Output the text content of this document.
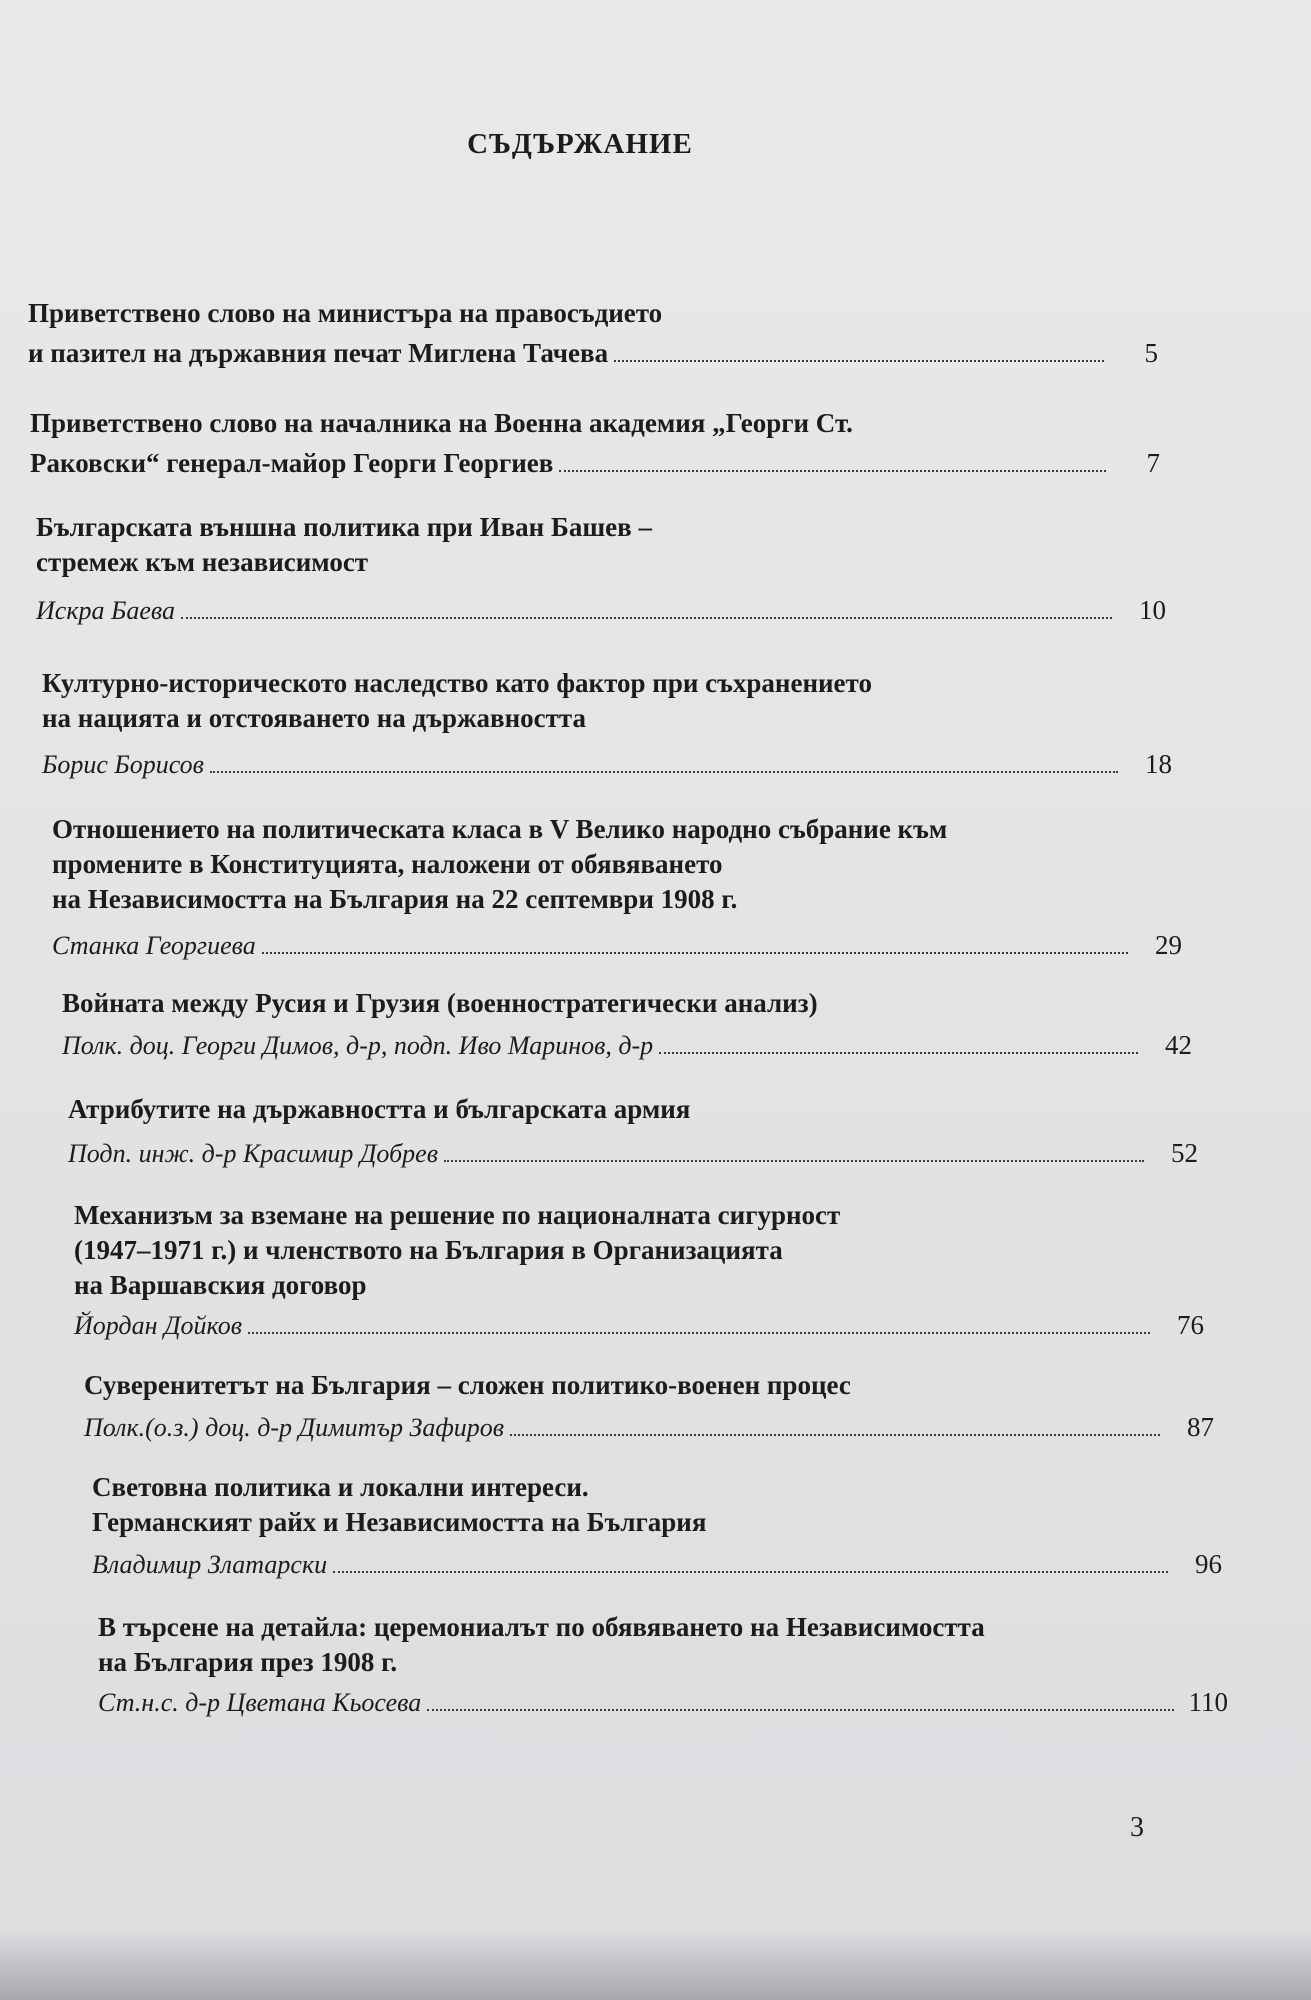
СЪДЪРЖАНИЕ
Приветствено слово на министъра на правосъдието
и пазител на държавния печат Миглена Тачева	5
Приветствено слово на началника на Военна академия „Георги Ст.
Раковски“ генерал-майор Георги Георгиев	7
Българската външна политика при Иван Башев –
стремеж към независимост
Искра Баева	10
Културно-историческото наследство като фактор при съхранението
на нацията и отстояването на държавността
Борис Борисов	18
Отношението на политическата класа в V Велико народно събрание към
промените в Конституцията, наложени от обявяването
на Независимостта на България на 22 септември 1908 г.
Станка Георгиева	29
Войната между Русия и Грузия (военностратегически анализ)
Полк. доц. Георги Димов, д-р, подп. Иво Маринов, д-р	42
Атрибутите на държавността и българската армия
Подп. инж. д-р Красимир Добрев	52
Механизъм за вземане на решение по националната сигурност
(1947–1971 г.) и членството на България в Организацията
на Варшавския договор
Йордан Дойков	76
Суверенитетът на България – сложен политико-военен процес
Полк.(о.з.) доц. д-р Димитър Зафиров	87
Световна политика и локални интереси.
Германският райх и Независимостта на България
Владимир Златарски	96
В търсене на детайла: церемониалът по обявяването на Независимостта
на България през 1908 г.
Ст.н.с. д-р Цветана Кьосева	110
3
